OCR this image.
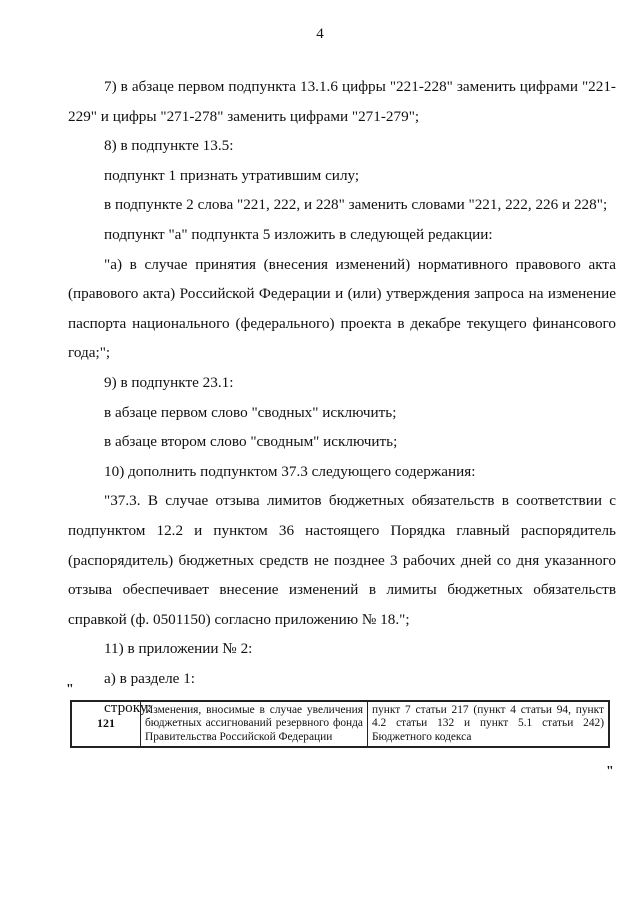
4

7) в абзаце первом подпункта 13.1.6 цифры "221-228" заменить цифрами "221-229" и цифры "271-278" заменить цифрами "271-279";

8) в подпункте 13.5:

подпункт 1 признать утратившим силу;

в подпункте 2 слова "221, 222, и 228" заменить словами "221, 222, 226 и 228";

подпункт "а" подпункта 5 изложить в следующей редакции:

"а) в случае принятия (внесения изменений) нормативного правового акта (правового акта) Российской Федерации и (или) утверждения запроса на изменение паспорта национального (федерального) проекта в декабре текущего финансового года;";

9) в подпункте 23.1:

в абзаце первом слово "сводных" исключить;

в абзаце втором слово "сводным" исключить;

10) дополнить подпунктом 37.3 следующего содержания:

"37.3. В случае отзыва лимитов бюджетных обязательств в соответствии с подпунктом 12.2 и пунктом 36 настоящего Порядка главный распорядитель (распорядитель) бюджетных средств не позднее 3 рабочих дней со дня указанного отзыва обеспечивает внесение изменений в лимиты бюджетных обязательств справкой (ф. 0501150) согласно приложению № 18.";

11) в приложении № 2:

а) в разделе 1:

строку:

"
121	Изменения, вносимые в случае увеличения бюджетных ассигнований резервного фонда Правительства Российской Федерации	пункт 7 статьи 217 (пункт 4 статьи 94, пункт 4.2 статьи 132 и пункт 5.1 статьи 242) Бюджетного кодекса
"
